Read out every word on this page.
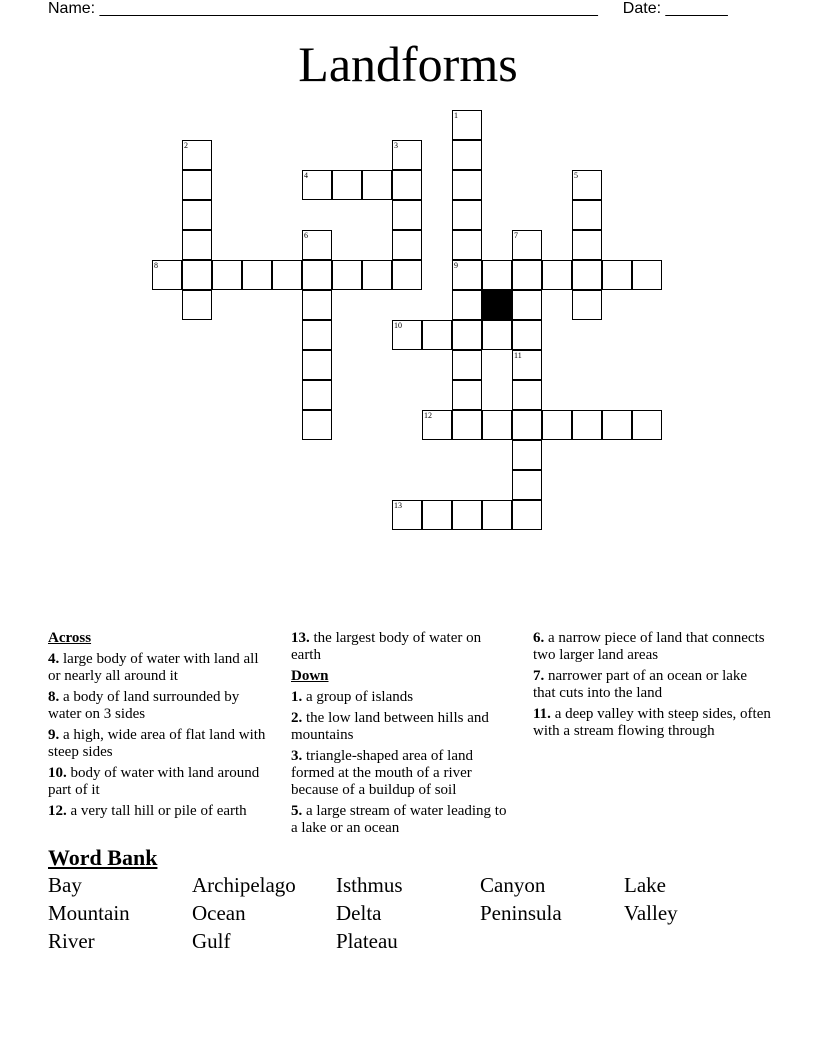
Name: ________________________________________________________ Date: _______
Landforms
1
9
2	3
4	5
6	7
8
10
11
12
13
Across
4. large body of water with land all or nearly all around it
8. a body of land surrounded by water on 3 sides
9. a high, wide area of flat land with steep sides
10. body of water with land around part of it
12. a very tall hill or pile of earth
13. the largest body of water on earth
Down
1. a group of islands
2. the low land between hills and mountains
3. triangle-shaped area of land formed at the mouth of a river because of a buildup of soil
5. a large stream of water leading to a lake or an ocean
6. a narrow piece of land that connects two larger land areas
7. narrower part of an ocean or lake that cuts into the land
11. a deep valley with steep sides, often with a stream flowing through
Word Bank
Bay	Archipelago	Isthmus	Canyon	Lake
Mountain	Ocean	Delta	Peninsula	Valley
River	Gulf	Plateau
